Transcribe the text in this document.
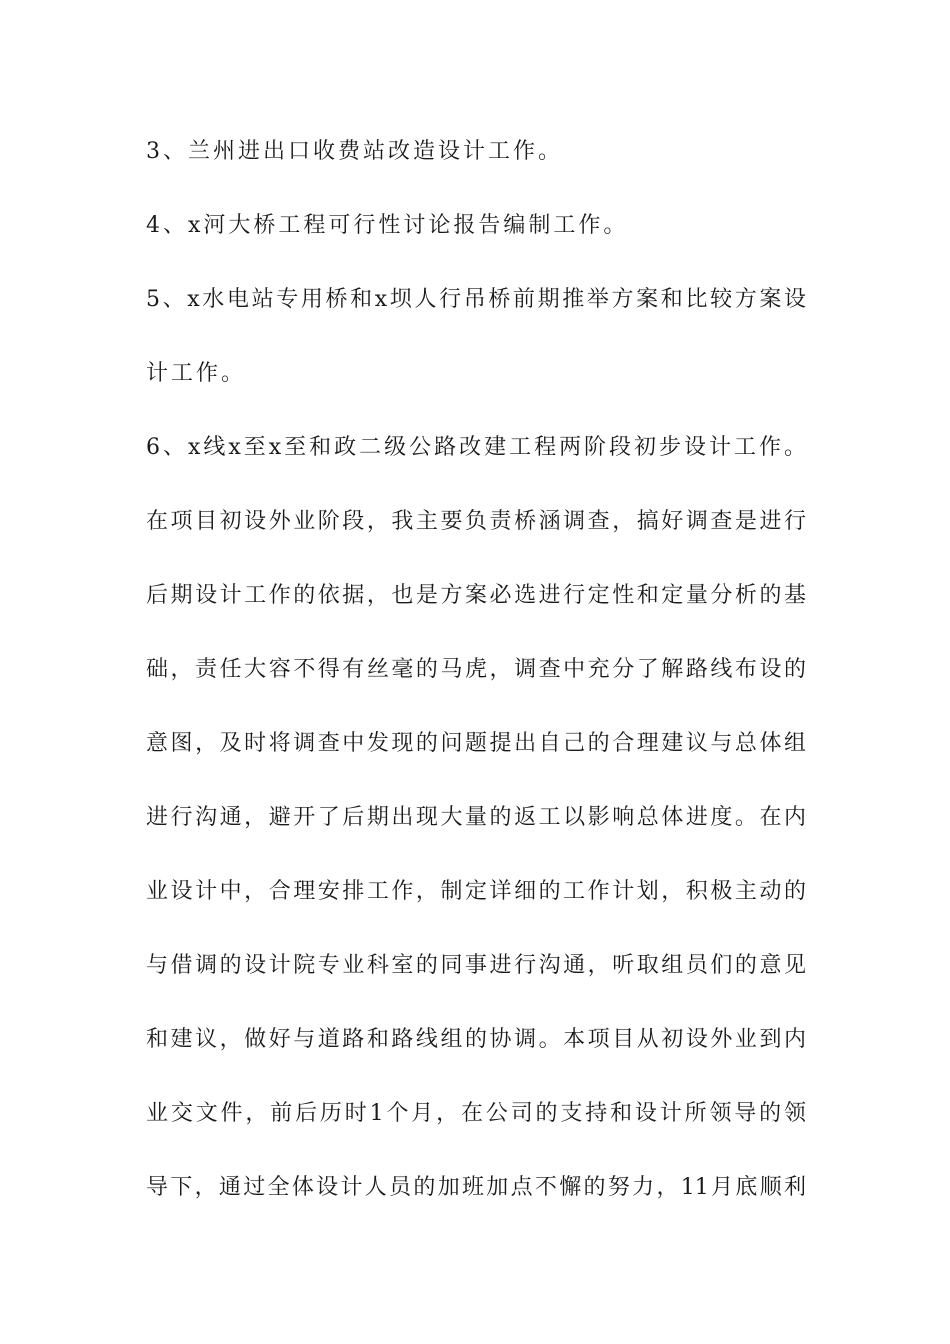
3、兰州进出口收费站改造设计工作。
4、x河大桥工程可行性讨论报告编制工作。
5、x水电站专用桥和x坝人行吊桥前期推举方案和比较方案设
计工作。
6、x线x至x至和政二级公路改建工程两阶段初步设计工作。
在项目初设外业阶段，我主要负责桥涵调查，搞好调查是进行
后期设计工作的依据，也是方案必选进行定性和定量分析的基
础，责任大容不得有丝毫的马虎，调查中充分了解路线布设的
意图，及时将调查中发现的问题提出自己的合理建议与总体组
进行沟通，避开了后期出现大量的返工以影响总体进度。在内
业设计中，合理安排工作，制定详细的工作计划，积极主动的
与借调的设计院专业科室的同事进行沟通，听取组员们的意见
和建议，做好与道路和路线组的协调。本项目从初设外业到内
业交文件，前后历时1个月，在公司的支持和设计所领导的领
导下，通过全体设计人员的加班加点不懈的努力，11月底顺利
